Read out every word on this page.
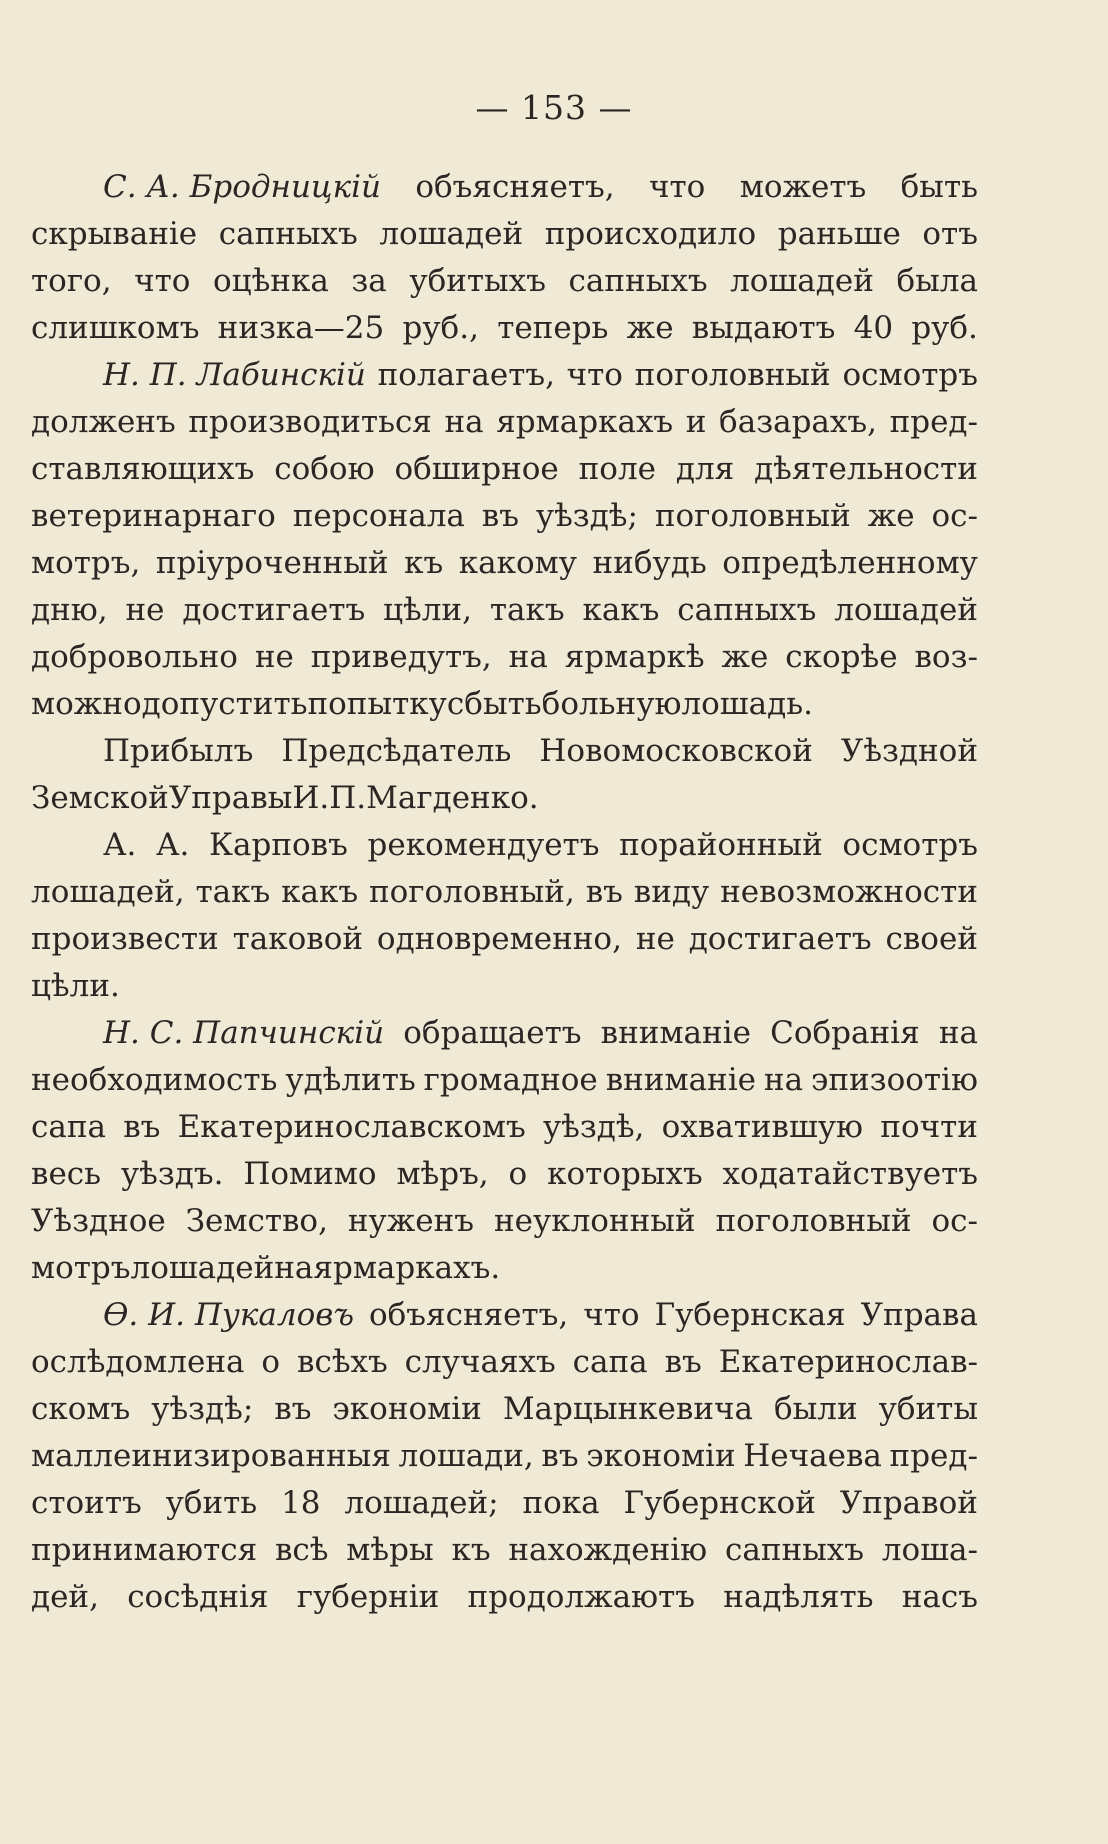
— 153 —
С. А. Бродницкій объясняетъ, что можетъ быть
скрываніе сапныхъ лошадей происходило раньше отъ
того, что оцѣнка за убитыхъ сапныхъ лошадей была
слишкомъ низка—25 руб., теперь же выдаютъ 40 руб.
Н. П. Лабинскій полагаетъ, что поголовный осмотръ
долженъ производиться на ярмаркахъ и базарахъ, пред-
ставляющихъ собою обширное поле для дѣятельности
ветеринарнаго персонала въ уѣздѣ; поголовный же ос-
мотръ, пріуроченный къ какому нибудь опредѣленному
дню, не достигаетъ цѣли, такъ какъ сапныхъ лошадей
добровольно не приведутъ, на ярмаркѣ же скорѣе воз-
можно допустить попытку сбыть больную лошадь.
Прибылъ Предсѣдатель Новомосковской Уѣздной
Земской Управы И. П. Магденко.
А. А. Карповъ рекомендуетъ порайонный осмотръ
лошадей, такъ какъ поголовный, въ виду невозможности
произвести таковой одновременно, не достигаетъ своей
цѣли.
Н. С. Папчинскій обращаетъ вниманіе Собранія на
необходимость удѣлить громадное вниманіе на эпизоотію
сапа въ Екатеринославскомъ уѣздѣ, охватившую почти
весь уѣздъ. Помимо мѣръ, о которыхъ ходатайствуетъ
Уѣздное Земство, нуженъ неуклонный поголовный ос-
мотръ лошадей на ярмаркахъ.
Ѳ. И. Пукаловъ объясняетъ, что Губернская Управа
ослѣдомлена о всѣхъ случаяхъ сапа въ Екатеринослав-
скомъ уѣздѣ; въ экономіи Марцынкевича были убиты
маллеинизированныя лошади, въ экономіи Нечаева пред-
стоитъ убить 18 лошадей; пока Губернской Управой
принимаются всѣ мѣры къ нахожденію сапныхъ лоша-
дей, сосѣднія губерніи продолжаютъ надѣлять насъ
